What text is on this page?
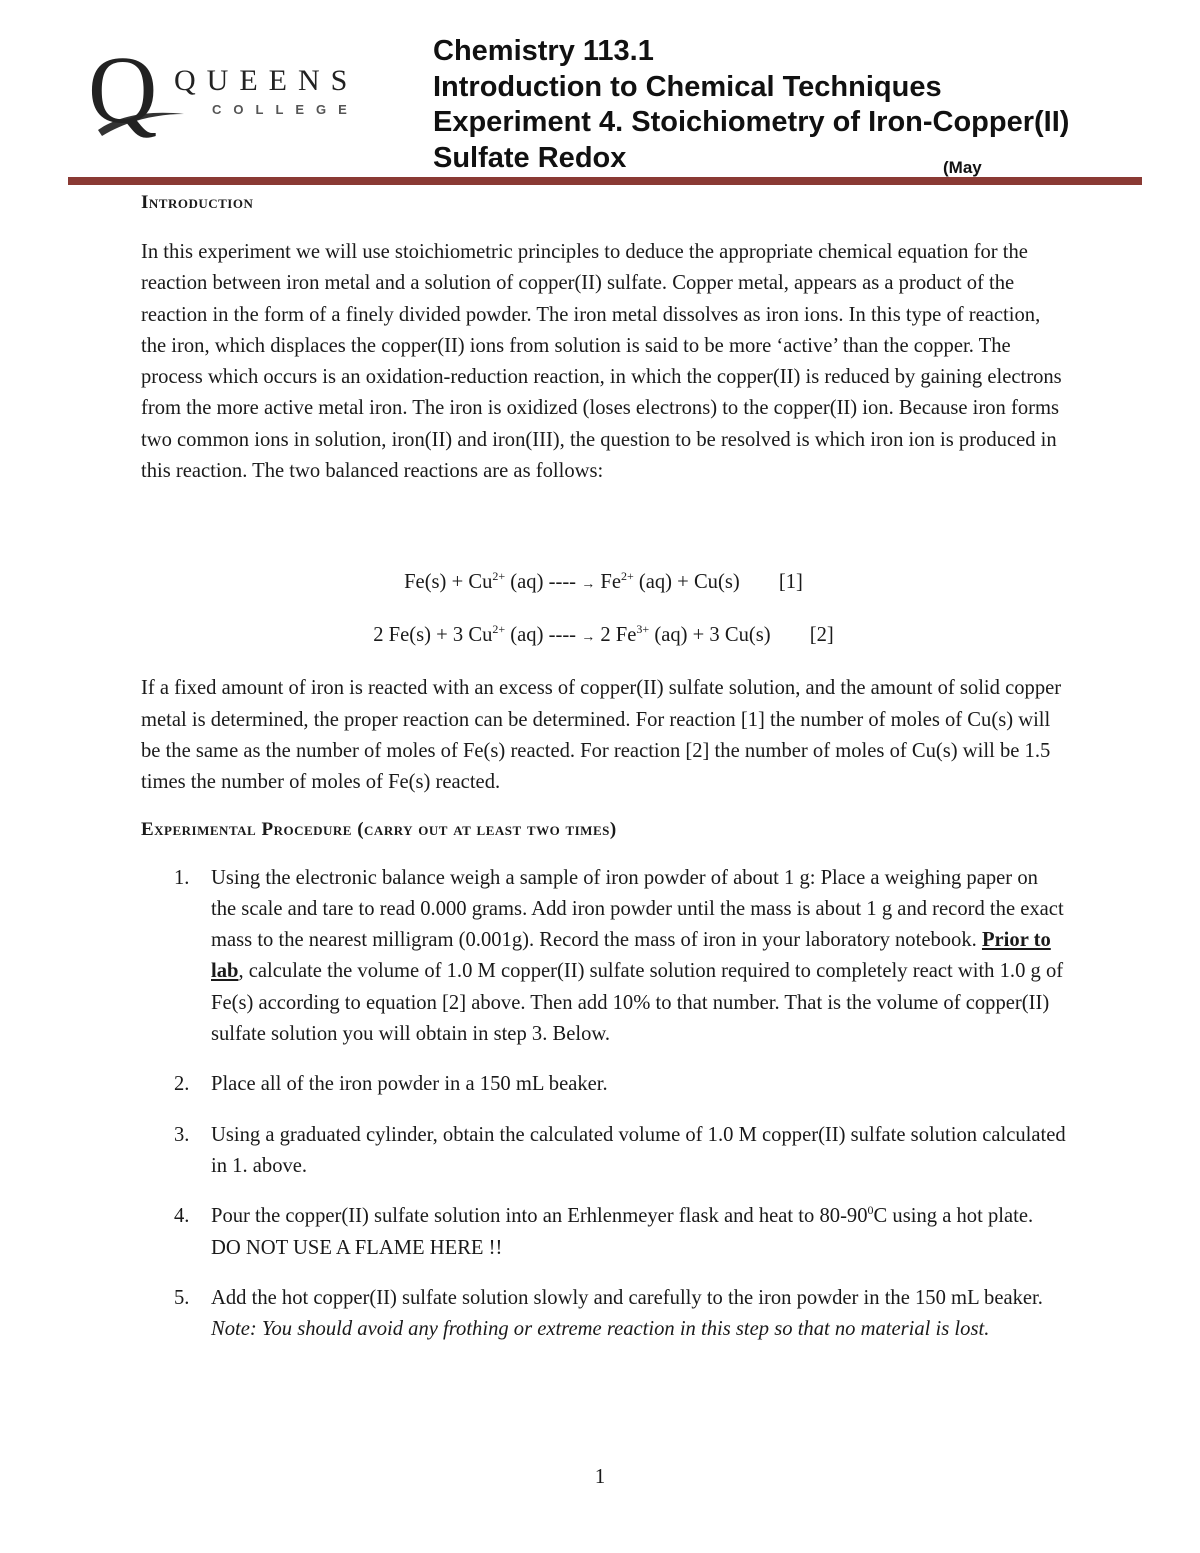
Q QUEENS
COLLEGE
Chemistry 113.1
Introduction to Chemical Techniques
Experiment 4. Stoichiometry of Iron-Copper(II)
Sulfate Redox	(May
Introduction

In this experiment we will use stoichiometric principles to deduce the appropriate chemical equation for the reaction between iron metal and a solution of copper(II) sulfate. Copper metal, appears as a product of the reaction in the form of a finely divided powder. The iron metal dissolves as iron ions. In this type of reaction, the iron, which displaces the copper(II) ions from solution is said to be more ‘active’ than the copper. The process which occurs is an oxidation-reduction reaction, in which the copper(II) is reduced by gaining electrons from the more active metal iron. The iron is oxidized (loses electrons) to the copper(II) ion. Because iron forms two common ions in solution, iron(II) and iron(III), the question to be resolved is which iron ion is produced in this reaction. The two balanced reactions are as follows:

$Fe(s) + Cu^{2+}$ (aq) ---- → $Fe^{2+}$ (aq) + Cu(s) [1]
2 Fe(s) + 3 $Cu^{2+}$ (aq) ---- → 2 $Fe^{3+}$ (aq) + 3 Cu(s) [2]

If a fixed amount of iron is reacted with an excess of copper(II) sulfate solution, and the amount of solid copper metal is determined, the proper reaction can be determined. For reaction [1] the number of moles of Cu(s) will be the same as the number of moles of Fe(s) reacted. For reaction [2] the number of moles of Cu(s) will be 1.5 times the number of moles of Fe(s) reacted.

Experimental Procedure (carry out at least two times)
1. Using the electronic balance weigh a sample of iron powder of about 1 g: Place a weighing paper on the scale and tare to read 0.000 grams. Add iron powder until the mass is about 1 g and record the exact mass to the nearest milligram (0.001g). Record the mass of iron in your laboratory notebook. Prior to lab, calculate the volume of 1.0 M copper(II) sulfate solution required to completely react with 1.0 g of Fe(s) according to equation [2] above. Then add 10% to that number. That is the volume of copper(II) sulfate solution you will obtain in step 3. Below.
2. Place all of the iron powder in a 150 mL beaker.
3. Using a graduated cylinder, obtain the calculated volume of 1.0 M copper(II) sulfate solution calculated in 1. above.
4. Pour the copper(II) sulfate solution into an Erhlenmeyer flask and heat to $80-90^0C$ using a hot plate. DO NOT USE A FLAME HERE !!
5. Add the hot copper(II) sulfate solution slowly and carefully to the iron powder in the 150 mL beaker. Note: You should avoid any frothing or extreme reaction in this step so that no material is lost.
1
